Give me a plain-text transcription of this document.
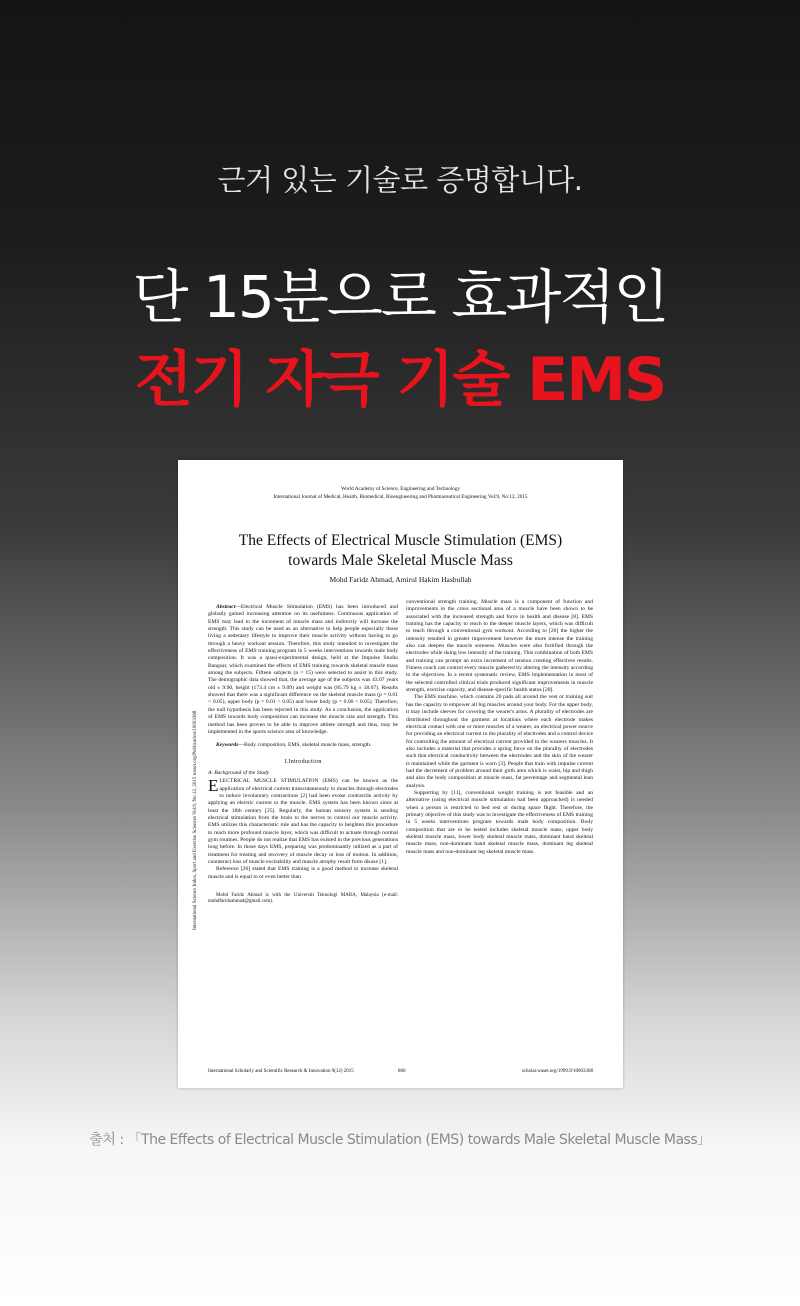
근거 있는 기술로 증명합니다.
단 15분으로 효과적인
전기 자극 기술 EMS
World Academy of Science, Engineering and Technology
International Journal of Medical, Health, Biomedical, Bioengineering and Pharmaceutical Engineering Vol:9, No:12, 2015
The Effects of Electrical Muscle Stimulation (EMS)
towards Male Skeletal Muscle Mass
Mohd Faridz Ahmad, Amirul Hakim Hasbullah
International Science Index, Sport and Exercise Sciences Vol:9, No:12, 2015 waset.org/Publication/10003368

Abstract—Electrical Muscle Stimulation (EMS) has been introduced and globally gained increasing attention on its usefulness. Continuous application of EMS may lead to the increment of muscle mass and indirectly will increase the strength. This study can be used as an alternative to help people especially those living a sedentary lifestyle to improve their muscle activity without having to go through a heavy workout session. Therefore, this study intended to investigate the effectiveness of EMS training program in 5 weeks interventions towards male body composition. It was a quasi-experimental design, held at the Impulse Studio Bangsar, which examined the effects of EMS training towards skeletal muscle mass among the subjects. Fifteen subjects (n = 15) were selected to assist in this study. The demographic data showed that, the average age of the subjects was 43.07 years old ± 9.90, height (173.4 cm ± 9.09) and weight was (85.79 kg ± 18.07). Results showed that there was a significant difference on the skeletal muscle mass (p = 0.01 < 0.05), upper body (p = 0.01 < 0.05) and lower body (p = 0.00 < 0.05). Therefore, the null hypothesis has been rejected in this study. As a conclusion, the application of EMS towards body composition can increase the muscle size and strength. This method has been proven to be able to improve athlete strength and thus, may be implemented in the sports science area of knowledge.

Keywords—Body composition, EMS, skeletal muscle mass, strength.

I.Introduction
A. Background of the Study

ELECTRICAL MUSCLE STIMULATION (EMS) can be known as the application of electrical current transcutaneously to muscles through electrodes to induce involuntary contractions [2] had been evoke contractile activity by applying an electric current to the muscle. EMS system has been known since at least the 18th century [25]. Regularly, the human sensory system is sending electrical stimulation from the brain to the nerves to control our muscle activity. EMS utilizes this characteristic rule and has the capacity to heighten this procedure to reach more profound muscle layer, which was difficult to actuate through normal gym routines. People do not realize that EMS has existed in the previous generations long before. In those days EMS, preparing was predominantly utilized as a part of treatment for treating and recovery of muscle decay or loss of motion. In addition, counteract loss of muscle excitability and muscle atrophy result from disuse [1].

Reference [26] stated that EMS training is a good method to increase skeletal muscle and is equal to or even better than

Mohd Faridz Ahmad is with the Universiti Teknologi MARA, Malaysia (e-mail: mohdfaridzahmad@gmail.com).

conventional strength training. Muscle mass is a component of function and improvements in the cross sectional area of a muscle have been shown to be associated with the increased strength and force in health and disease [8]. EMS training has the capacity to reach to the deeper muscle layers, which was difficult to reach through a conventional gym workout. According to [26] the higher the intensity resulted in greater improvement however the more intense the training also can deepen the muscle soreness. Muscles were also fortified through the electrodes while doing low intensity of the training. This combination of both EMS and training can prompt an extra increment of tension creating effectives results. Fitness coach can control every muscle gathered by altering the intensity according to the objectives. In a recent systematic review, EMS implementation in most of the selected controlled clinical trials produced significant improvements in muscle strength, exercise capacity, and disease-specific health status [20].

The EMS machine, which contains 20 pads all around the vest or training suit has the capacity to empower all big muscles around your body. For the upper body, it may include sleeves for covering the wearer's arms. A plurality of electrodes are distributed throughout the garment at locations where each electrode makes electrical contact with one or more muscles of a wearer, an electrical power source for providing an electrical current to the plurality of electrodes and a control device for controlling the amount of electrical current provided to the wearers muscles. It also includes a material that provides a spring force on the plurality of electrodes such that electrical conductivity between the electrodes and the skin of the wearer is maintained while the garment is worn [3]. People that train with impulse current had the decrement of problem around their girth area which is waist, hip and thigh and also the body composition at muscle mass, fat percentage and segmental lean analysis.

Supporting by [11], conventional weight training is not feasible and an alternative (using electrical muscle stimulation had been approached) is needed when a person is restricted to bed rest or during space flight. Therefore, the primary objective of this study was to investigate the effectiveness of EMS training in 5 weeks interventions program towards male body composition. Body composition that are to be tested includes skeletal muscle mass, upper body skeletal muscle mass, lower body skeletal muscle mass, dominant hand skeletal muscle mass, non-dominant hand skeletal muscle mass, dominant leg skeletal muscle mass and non-dominant leg skeletal muscle mass.

International Scholarly and Scientific Research & Innovation 9(12) 2015	860	scholar.waset.org/1999.9/10003368
출처 : 「The Effects of Electrical Muscle Stimulation (EMS) towards Male Skeletal Muscle Mass」
